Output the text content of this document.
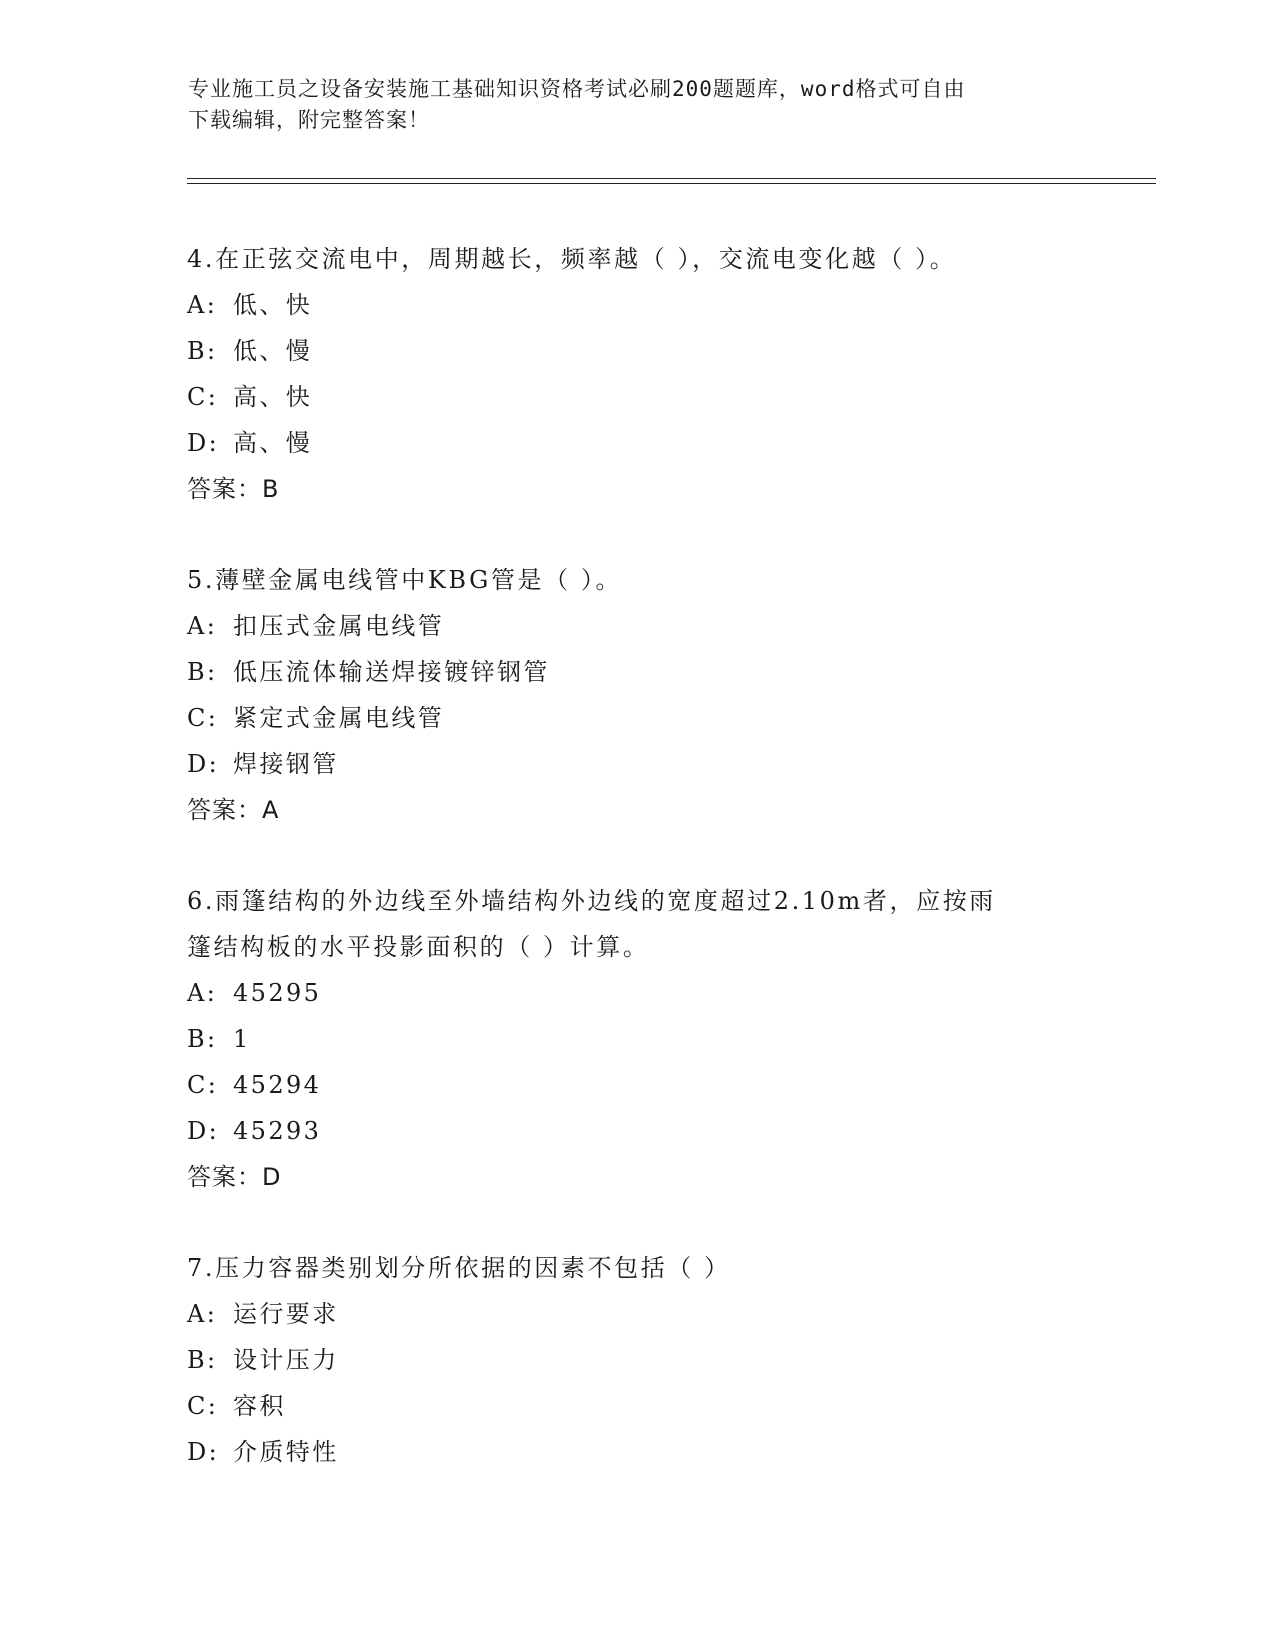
专业施工员之设备安装施工基础知识资格考试必刷200题题库，word格式可自由
下载编辑，附完整答案！

4.在正弦交流电中，周期越长，频率越（ ），交流电变化越（ ）。

A: 低、快

B: 低、慢

C: 高、快

D: 高、慢

答案：B

5.薄壁金属电线管中KBG管是（ ）。

A: 扣压式金属电线管

B: 低压流体输送焊接镀锌钢管

C: 紧定式金属电线管

D: 焊接钢管

答案：A

6.雨篷结构的外边线至外墙结构外边线的宽度超过2.10m者，应按雨

篷结构板的水平投影面积的（ ）计算。

A: 45295

B: 1

C: 45294

D: 45293

答案：D

7.压力容器类别划分所依据的因素不包括（ ）

A: 运行要求

B: 设计压力

C: 容积

D: 介质特性
